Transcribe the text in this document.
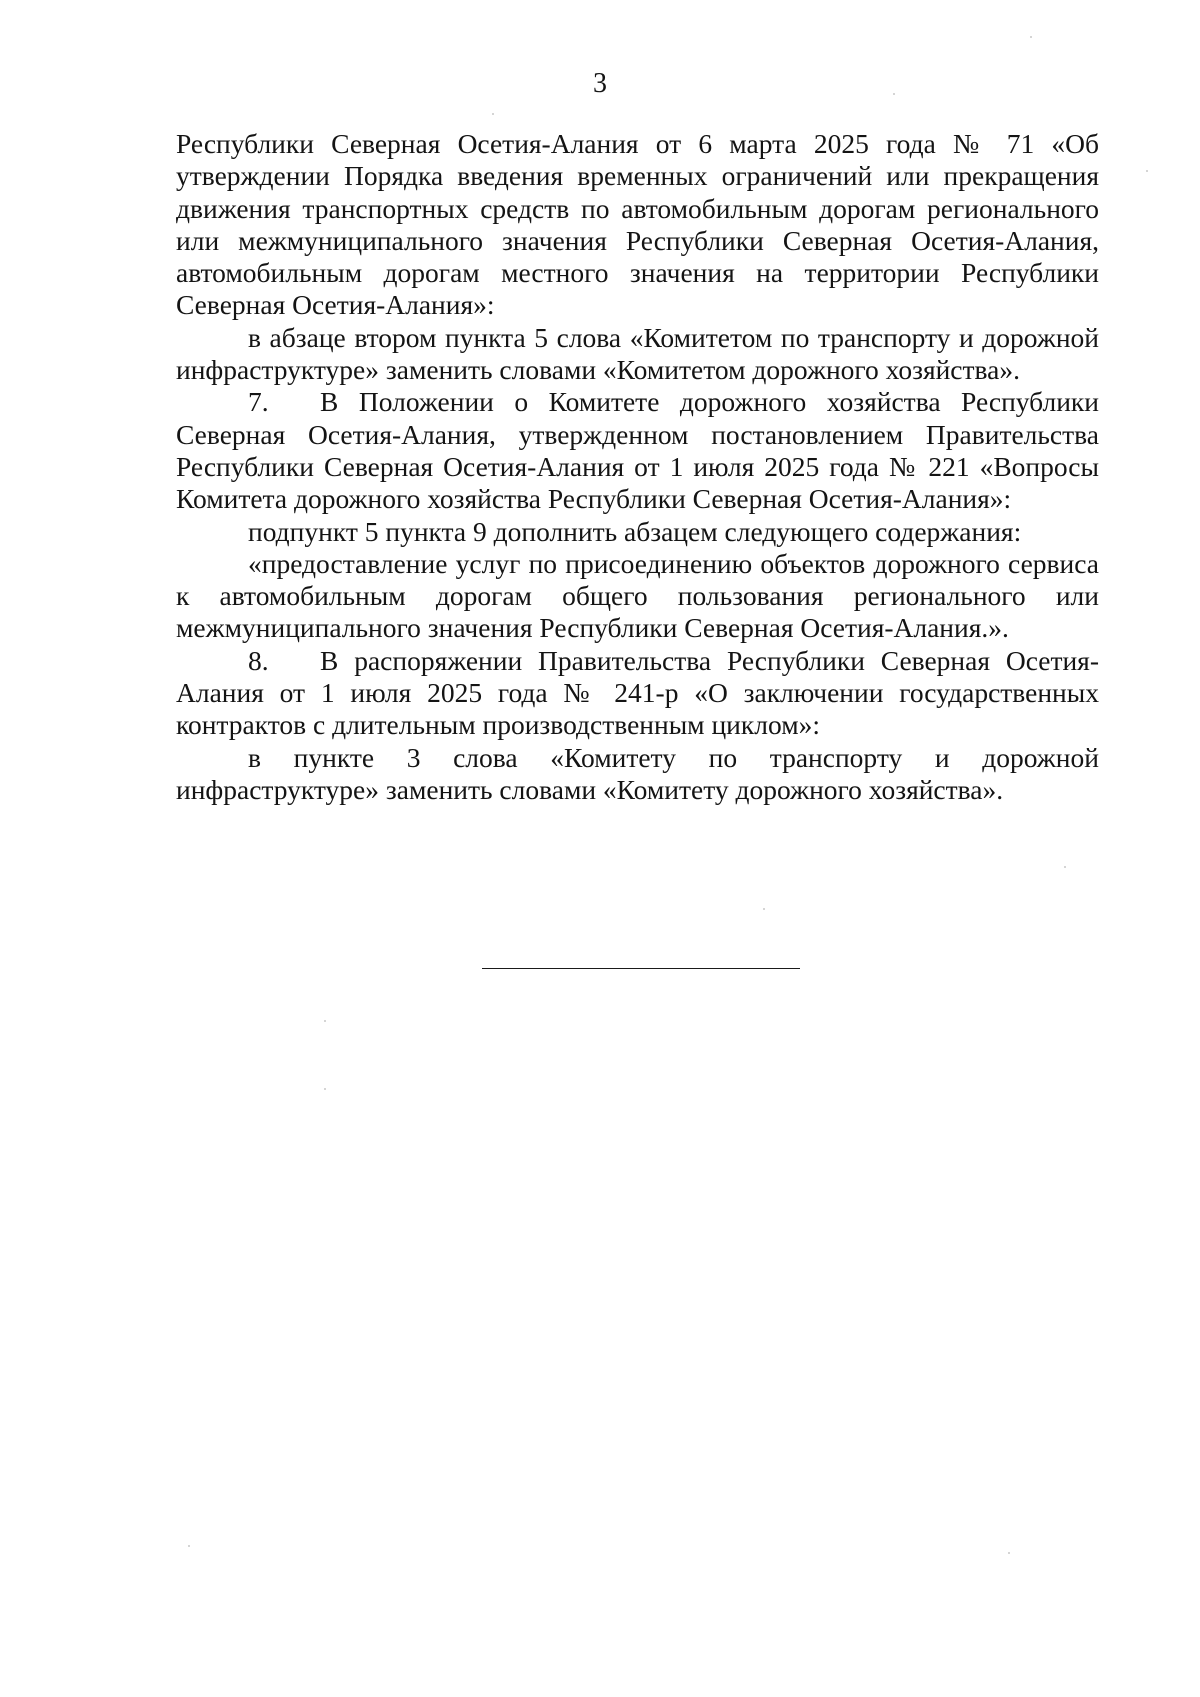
3

Республики Северная Осетия-Алания от 6 марта 2025 года № 71 «Об утверждении Порядка введения временных ограничений или прекращения движения транспортных средств по автомобильным дорогам регионального или межмуниципального значения Республики Северная Осетия-Алания, автомобильным дорогам местного значения на территории Республики Северная Осетия-Алания»:

в абзаце втором пункта 5 слова «Комитетом по транспорту и дорожной инфраструктуре» заменить словами «Комитетом дорожного хозяйства».

7. В Положении о Комитете дорожного хозяйства Республики Северная Осетия-Алания, утвержденном постановлением Правительства Республики Северная Осетия-Алания от 1 июля 2025 года № 221 «Вопросы Комитета дорожного хозяйства Республики Северная Осетия-Алания»:

подпункт 5 пункта 9 дополнить абзацем следующего содержания:

«предоставление услуг по присоединению объектов дорожного сервиса к автомобильным дорогам общего пользования регионального или межмуниципального значения Республики Северная Осетия-Алания.».

8. В распоряжении Правительства Республики Северная Осетия-Алания от 1 июля 2025 года № 241-р «О заключении государственных контрактов с длительным производственным циклом»:

в пункте 3 слова «Комитету по транспорту и дорожной инфраструктуре» заменить словами «Комитету дорожного хозяйства».
